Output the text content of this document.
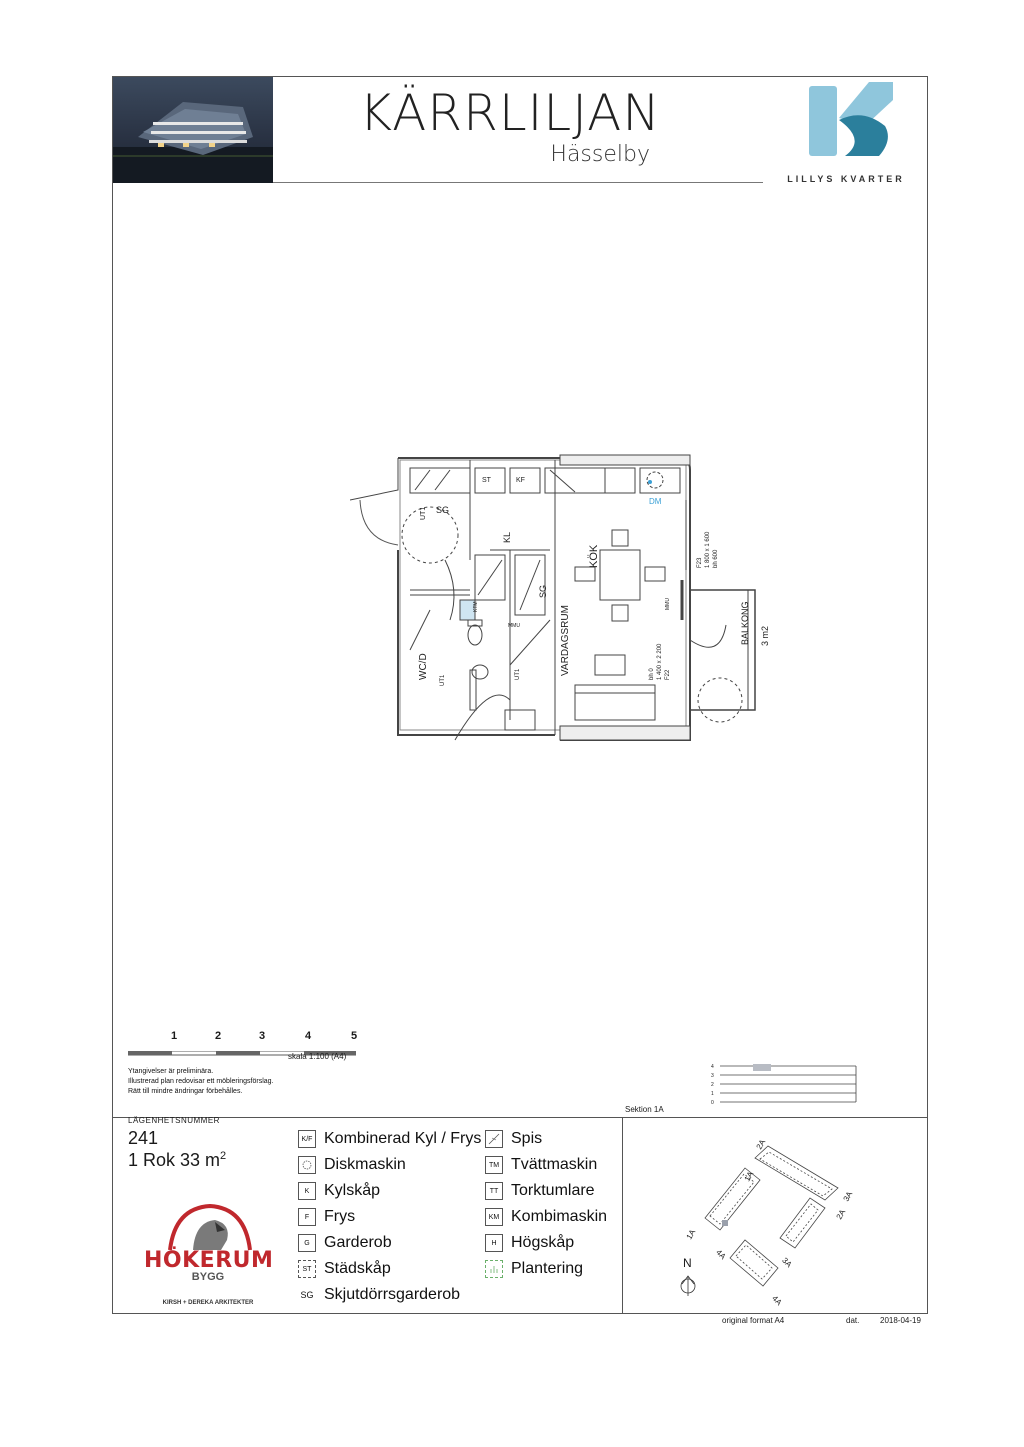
KÄRRLILJAN
Hässelby
LILLYS KVARTER
ST	KF
SG
DM
UT1
KL
KÖK	F23 1 800 x 1 600 bh 600
SG
MMU
KTM	MMU	BALKONG 3 m2
bh 0 1 400 x 2 200 F22
VARDAGSRUM
WC/D
UT1
UT1
1	2	3	4	5
skala 1:100 (A4)
Ytangivelser är preliminära.
Illustrerad plan redovisar ett möbleringsförslag.
Rätt till mindre ändringar förbehålles.
4
3
2
1
0
Sektion 1A
LÄGENHETSNUMMER
241
1 Rok 33 $m^2$
K/F Kombinerad Kyl / Frys
Diskmaskin
K Kylskåp
F Frys
G Garderob
ST Städskåp
SG Skjutdörrsgarderob
Spis
TM Tvättmaskin
TT Torktumlare
KM Kombimaskin
H Högskåp
Plantering
HÖKERUM
BYGG
KIRSH + DEREKA ARKITEKTER
N
2A
1A
3A
2A
1A
4A
3A
4A
original format A4	dat.	2018-04-19
